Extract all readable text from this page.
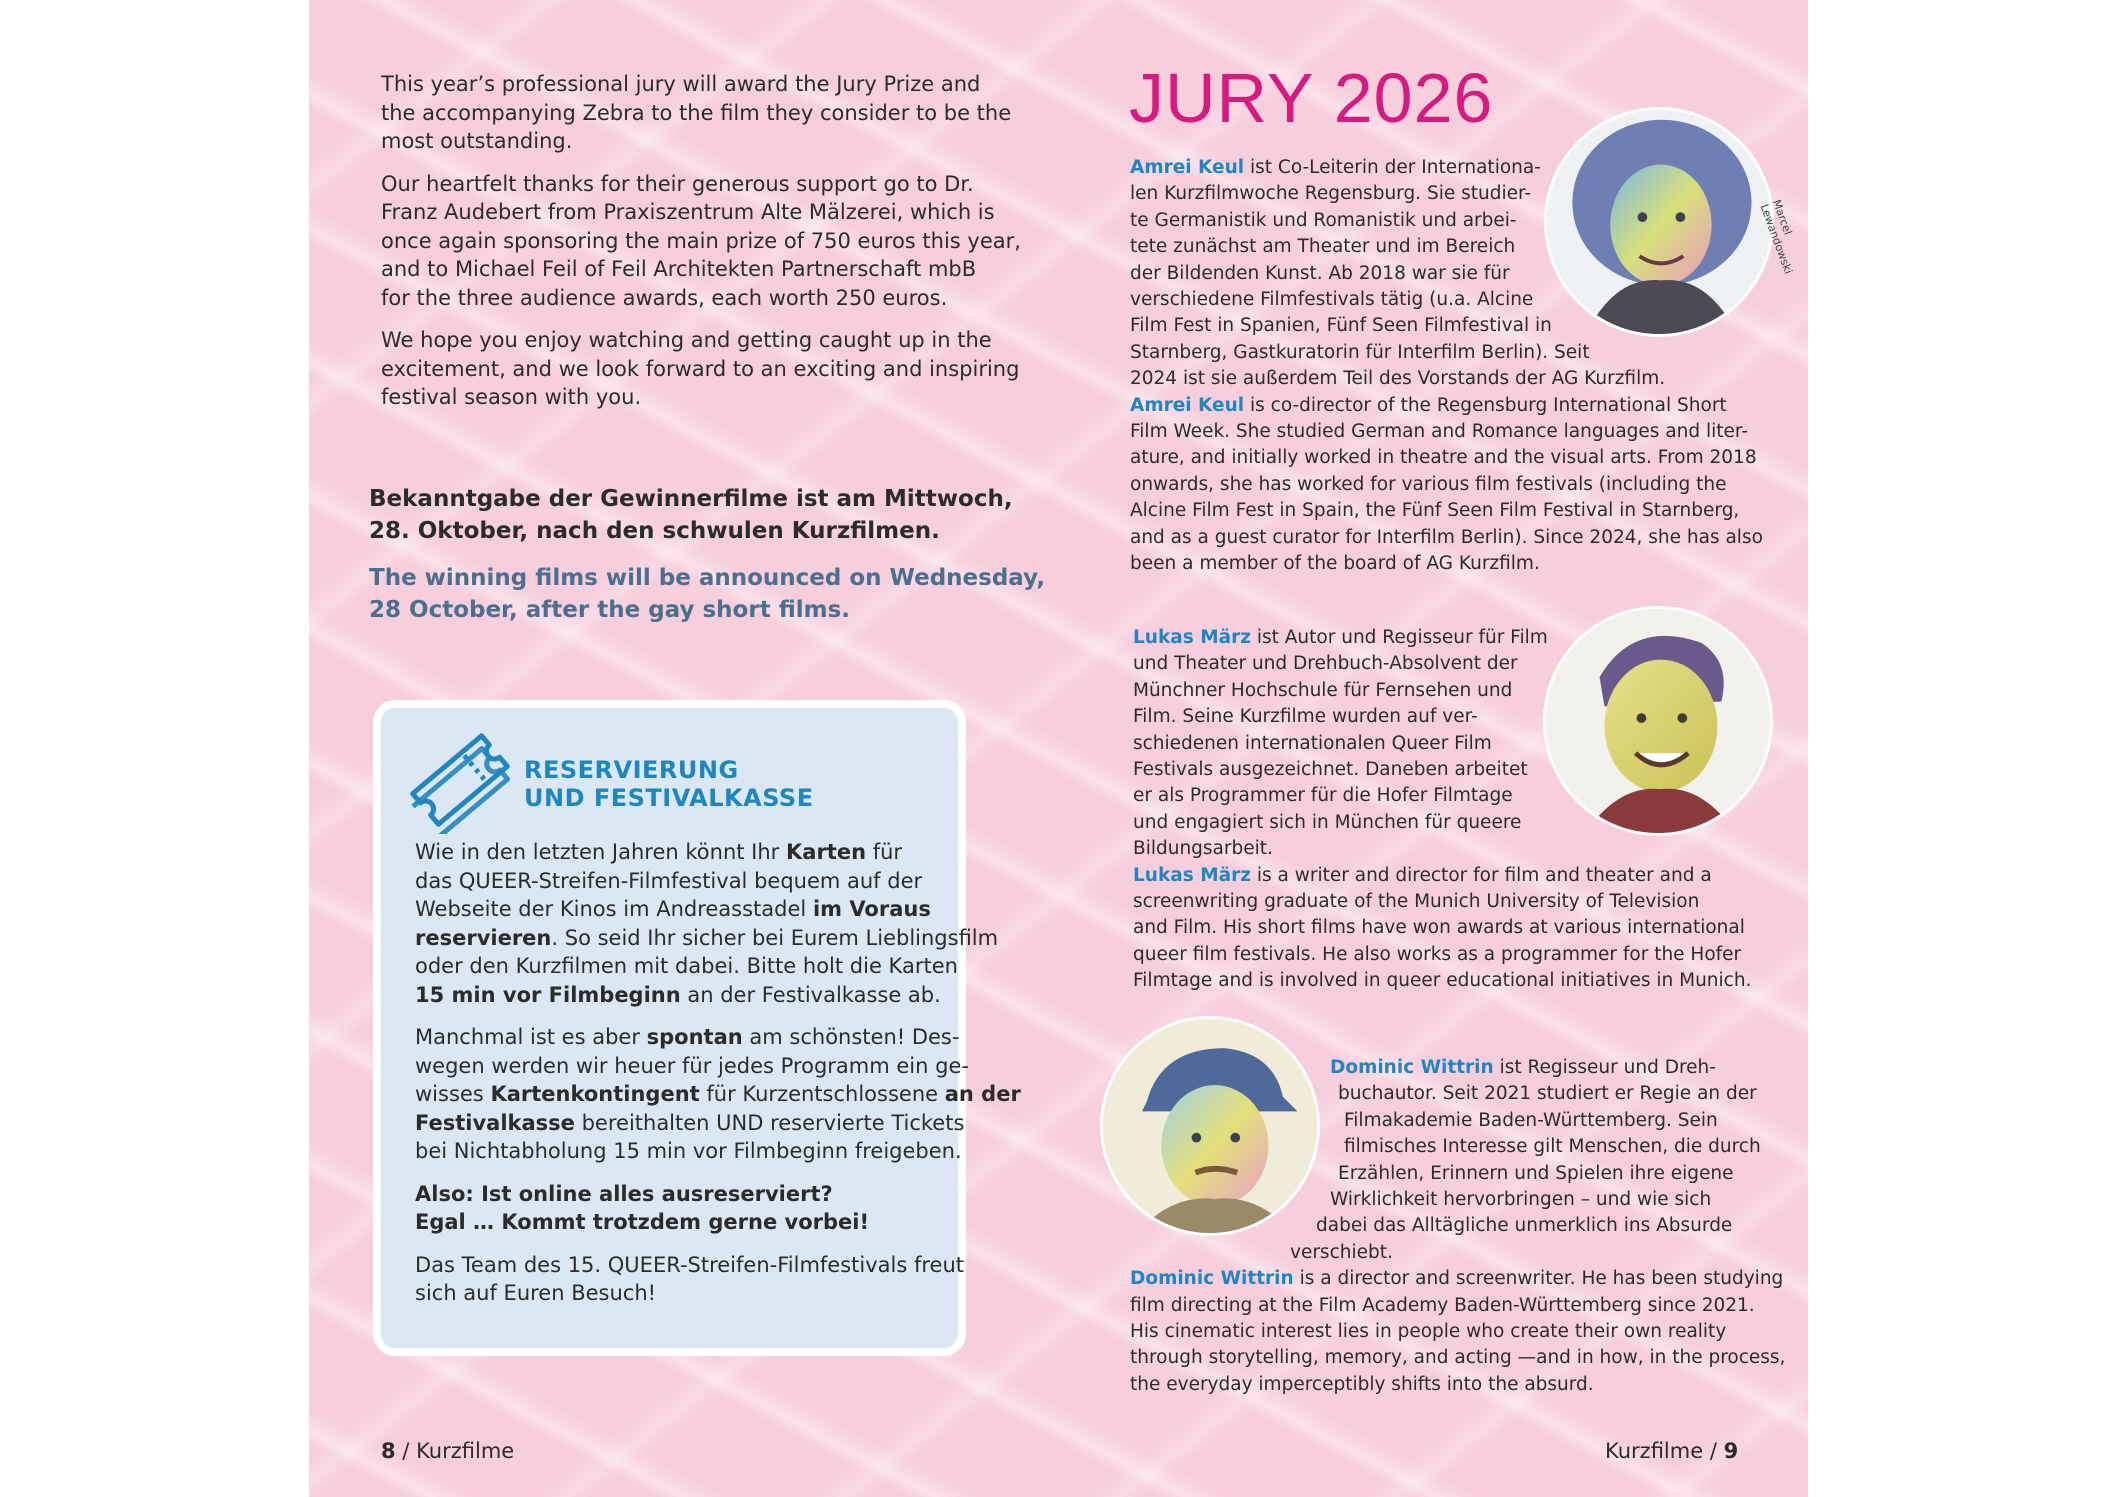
This year’s professional jury will award the Jury Prize and
the accompanying Zebra to the film they consider to be the
most outstanding.

Our heartfelt thanks for their generous support go to Dr.
Franz Audebert from Praxiszentrum Alte Mälzerei, which is
once again sponsoring the main prize of 750 euros this year,
and to Michael Feil of Feil Architekten Partnerschaft mbB
for the three audience awards, each worth 250 euros.

We hope you enjoy watching and getting caught up in the
excitement, and we look forward to an exciting and inspiring
festival season with you.

Bekanntgabe der Gewinnerfilme ist am Mittwoch,
28. Oktober, nach den schwulen Kurzfilmen.
The winning films will be announced on Wednesday,
28 October, after the gay short films.
RESERVIERUNG
UND FESTIVALKASSE

Wie in den letzten Jahren könnt Ihr Karten für
das QUEER-Streifen-Filmfestival bequem auf der
Webseite der Kinos im Andreasstadel im Voraus
reservieren. So seid Ihr sicher bei Eurem Lieblingsfilm
oder den Kurzfilmen mit dabei. Bitte holt die Karten
15 min vor Filmbeginn an der Festivalkasse ab.

Manchmal ist es aber spontan am schönsten! Des-
wegen werden wir heuer für jedes Programm ein ge-
wisses Kartenkontingent für Kurzentschlossene an der
Festivalkasse bereithalten UND reservierte Tickets
bei Nichtabholung 15 min vor Filmbeginn freigeben.

Also: Ist online alles ausreserviert?
Egal … Kommt trotzdem gerne vorbei!

Das Team des 15. QUEER-Streifen-Filmfestivals freut
sich auf Euren Besuch!

8 / Kurzfilme
JURY 2026
Marcel Lewandowski
Amrei Keul ist Co-Leiterin der Internationa-
len Kurzfilmwoche Regensburg. Sie studier-
te Germanistik und Romanistik und arbei-
tete zunächst am Theater und im Bereich
der Bildenden Kunst. Ab 2018 war sie für
verschiedene Filmfestivals tätig (u.a. Alcine
Film Fest in Spanien, Fünf Seen Filmfestival in
Starnberg, Gastkuratorin für Interfilm Berlin). Seit
2024 ist sie außerdem Teil des Vorstands der AG Kurzfilm.
Amrei Keul is co-director of the Regensburg International Short
Film Week. She studied German and Romance languages and liter-
ature, and initially worked in theatre and the visual arts. From 2018
onwards, she has worked for various film festivals (including the
Alcine Film Fest in Spain, the Fünf Seen Film Festival in Starnberg,
and as a guest curator for Interfilm Berlin). Since 2024, she has also
been a member of the board of AG Kurzfilm.
Lukas März ist Autor und Regisseur für Film
und Theater und Drehbuch-Absolvent der
Münchner Hochschule für Fernsehen und
Film. Seine Kurzfilme wurden auf ver-
schiedenen internationalen Queer Film
Festivals ausgezeichnet. Daneben arbeitet
er als Programmer für die Hofer Filmtage
und engagiert sich in München für queere
Bildungsarbeit.
Lukas März is a writer and director for film and theater and a
screenwriting graduate of the Munich University of Television
and Film. His short films have won awards at various international
queer film festivals. He also works as a programmer for the Hofer
Filmtage and is involved in queer educational initiatives in Munich.
Dominic Wittrin ist Regisseur und Dreh-
buchautor. Seit 2021 studiert er Regie an der
Filmakademie Baden-Württemberg. Sein
filmisches Interesse gilt Menschen, die durch
Erzählen, Erinnern und Spielen ihre eigene
Wirklichkeit hervorbringen – und wie sich
dabei das Alltägliche unmerklich ins Absurde
verschiebt.
Dominic Wittrin is a director and screenwriter. He has been studying
film directing at the Film Academy Baden-Württemberg since 2021.
His cinematic interest lies in people who create their own reality
through storytelling, memory, and acting —and in how, in the process,
the everyday imperceptibly shifts into the absurd.
Kurzfilme / 9
